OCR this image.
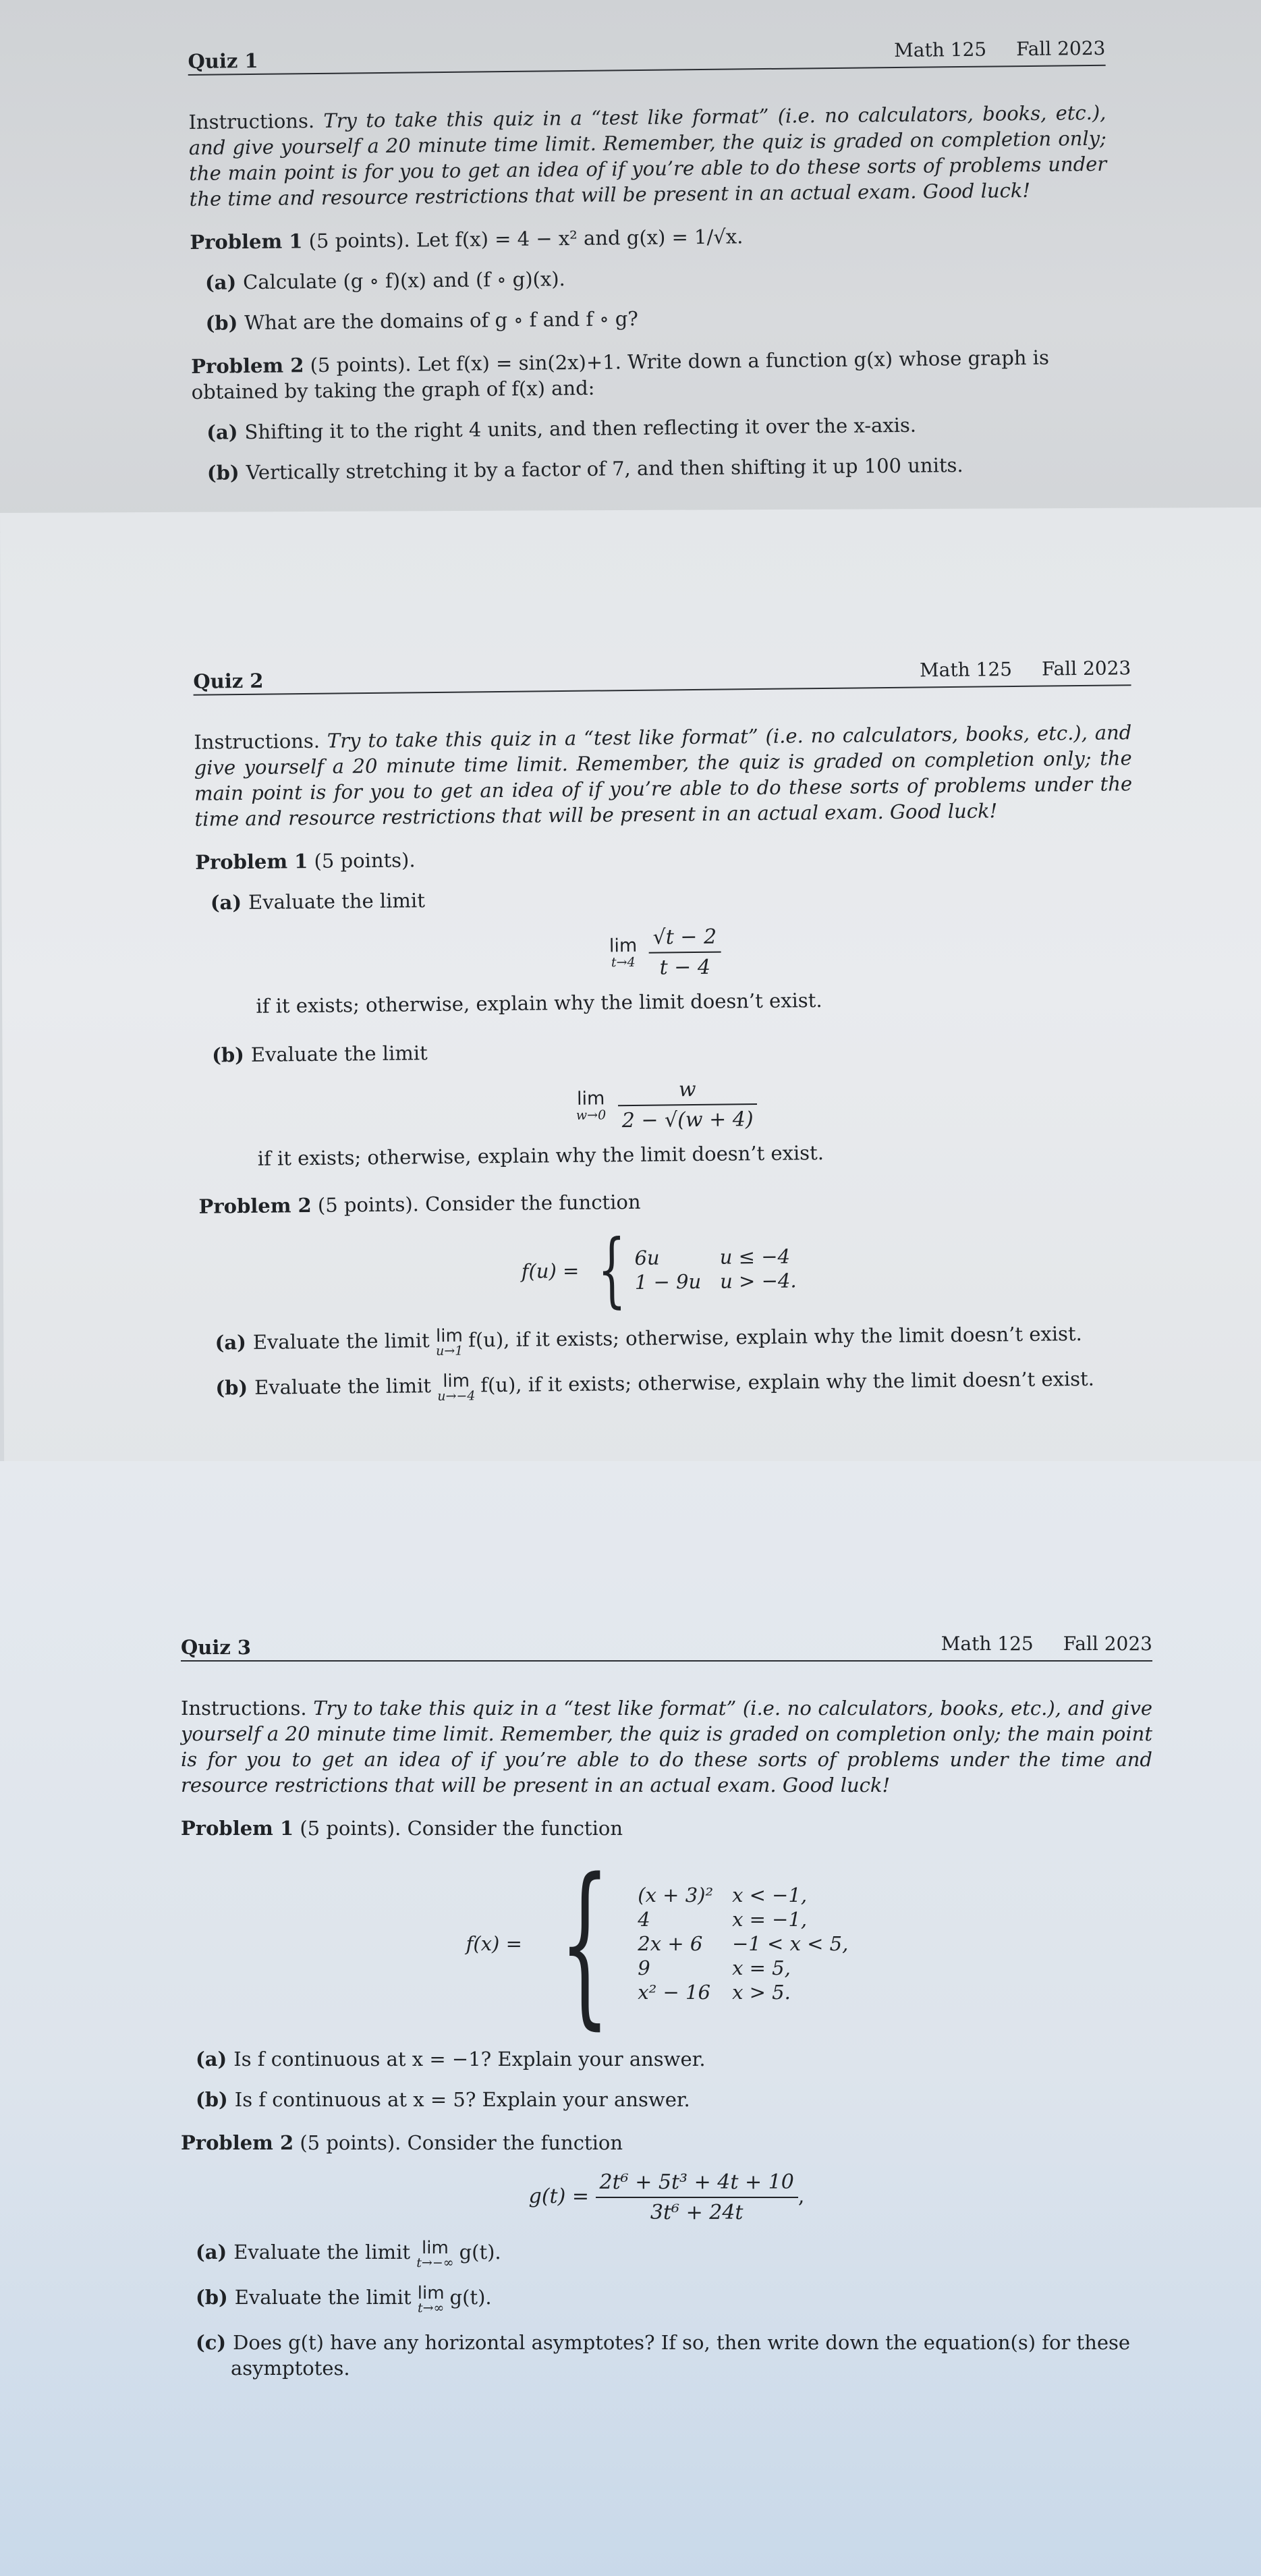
Quiz 1	Math 125 Fall 2023
Instructions. Try to take this quiz in a “test like format” (i.e. no calculators, books, etc.), and give yourself a 20 minute time limit. Remember, the quiz is graded on completion only; the main point is for you to get an idea of if you’re able to do these sorts of problems under the time and resource restrictions that will be present in an actual exam. Good luck!
Problem 1 (5 points). Let f(x) = 4 − x² and g(x) = 1/√x.
(a) Calculate (g ∘ f)(x) and (f ∘ g)(x).
(b) What are the domains of g ∘ f and f ∘ g?
Problem 2 (5 points). Let f(x) = sin(2x)+1. Write down a function g(x) whose graph is obtained by taking the graph of f(x) and:
(a) Shifting it to the right 4 units, and then reflecting it over the x-axis.
(b) Vertically stretching it by a factor of 7, and then shifting it up 100 units.
Quiz 2	Math 125 Fall 2023
Instructions. Try to take this quiz in a “test like format” (i.e. no calculators, books, etc.), and give yourself a 20 minute time limit. Remember, the quiz is graded on completion only; the main point is for you to get an idea of if you’re able to do these sorts of problems under the time and resource restrictions that will be present in an actual exam. Good luck!
Problem 1 (5 points).
(a) Evaluate the limit
lim
t→4
$\frac{√t - 2}{t - 4}$
if it exists; otherwise, explain why the limit doesn’t exist.
(b) Evaluate the limit
lim
w→0
$\frac{w}{2 - √(w + 4)}$
if it exists; otherwise, explain why the limit doesn’t exist.
Problem 2 (5 points). Consider the function
f(u) = { 6u	u ≤ −4
1 − 9u	u > −4.
(a) Evaluate the limit lim
u→1 f(u), if it exists; otherwise, explain why the limit doesn’t exist.
(b) Evaluate the limit lim
u→−4 f(u), if it exists; otherwise, explain why the limit doesn’t exist.
Quiz 3	Math 125 Fall 2023
Instructions. Try to take this quiz in a “test like format” (i.e. no calculators, books, etc.), and give yourself a 20 minute time limit. Remember, the quiz is graded on completion only; the main point is for you to get an idea of if you’re able to do these sorts of problems under the time and resource restrictions that will be present in an actual exam. Good luck!
Problem 1 (5 points). Consider the function
f(x) = { (x + 3)²	x < −1,
4	x = −1,
2x + 6	−1 < x < 5,
9	x = 5,
x² − 16	x > 5.
(a) Is f continuous at x = −1? Explain your answer.
(b) Is f continuous at x = 5? Explain your answer.
Problem 2 (5 points). Consider the function
$g(t) = \frac{\text{2t⁶ + 5t³ + 4t + 10}}{\text{3t⁶ + 24t}}$ ,
(a) Evaluate the limit lim
t→−∞ g(t).
(b) Evaluate the limit lim
t→∞ g(t).
(c) Does g(t) have any horizontal asymptotes? If so, then write down the equation(s) for these asymptotes.
